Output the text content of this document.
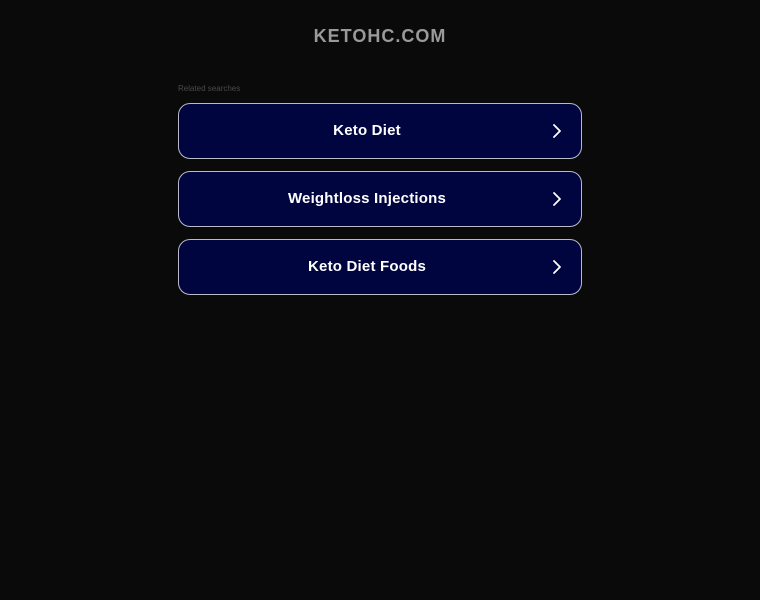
KETOHC.COM
Related searches
Keto Diet
Weightloss Injections
Keto Diet Foods
